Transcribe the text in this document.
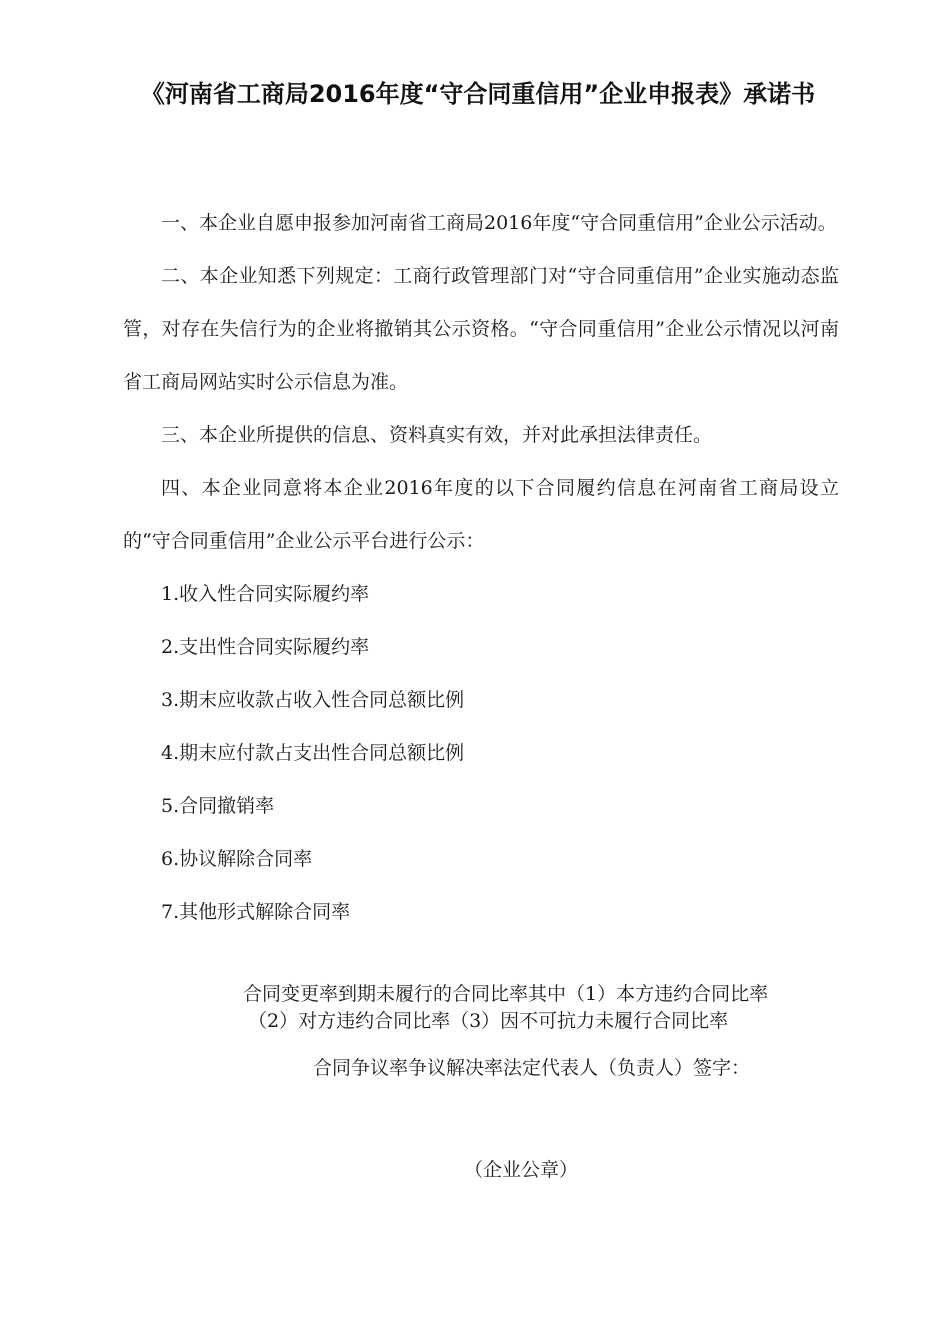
《河南省工商局2016年度“守合同重信用”企业申报表》承诺书

一、本企业自愿申报参加河南省工商局2016年度“守合同重信用”企业公示活动。

二、本企业知悉下列规定：工商行政管理部门对“守合同重信用”企业实施动态监管，对存在失信行为的企业将撤销其公示资格。“守合同重信用”企业公示情况以河南省工商局网站实时公示信息为准。

三、本企业所提供的信息、资料真实有效，并对此承担法律责任。

四、本企业同意将本企业2016年度的以下合同履约信息在河南省工商局设立的“守合同重信用”企业公示平台进行公示：

1.收入性合同实际履约率

2.支出性合同实际履约率

3.期末应收款占收入性合同总额比例

4.期末应付款占支出性合同总额比例

5.合同撤销率

6.协议解除合同率

7.其他形式解除合同率

合同变更率到期未履行的合同比率其中（1）本方违约合同比率
（2）对方违约合同比率（3）因不可抗力未履行合同比率
合同争议率争议解决率法定代表人（负责人）签字：
（企业公章）
